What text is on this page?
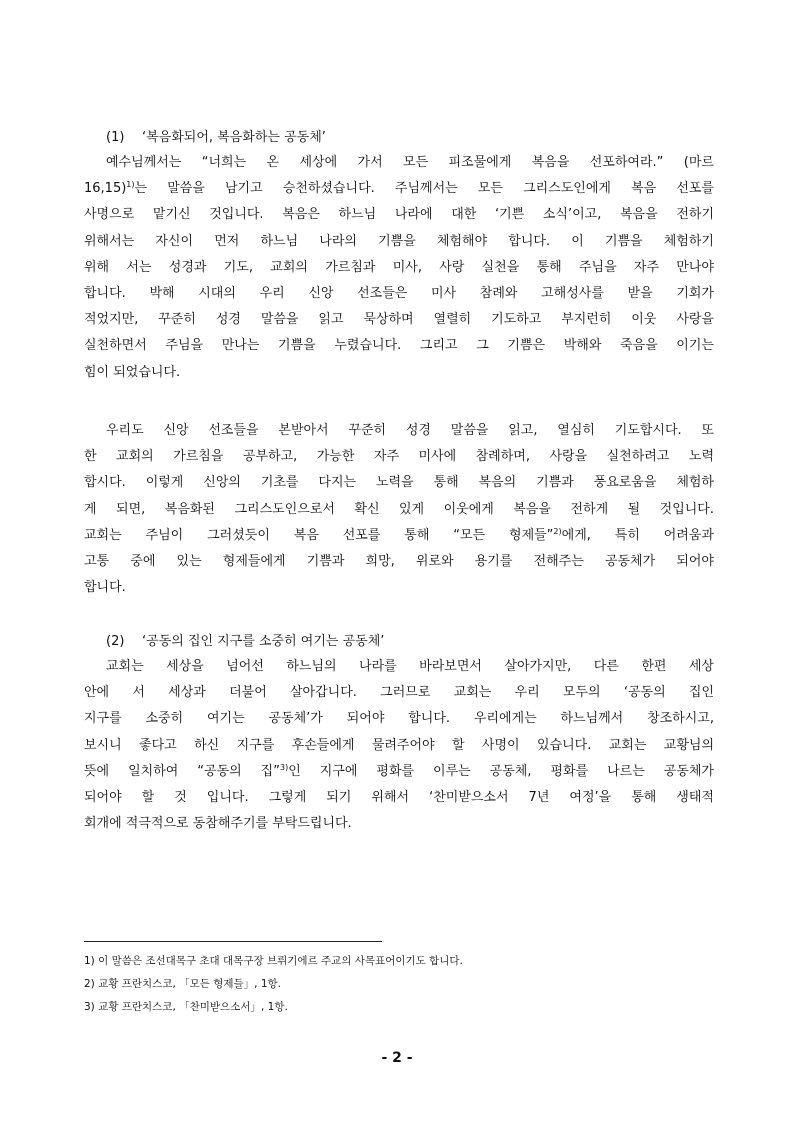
(1) ‘복음화되어, 복음화하는 공동체’

예수님께서는 “너희는 온 세상에 가서 모든 피조물에게 복음을 선포하여라.” (마르

16,15)$^{1)}$는 말씀을 남기고 승천하셨습니다. 주님께서는 모든 그리스도인에게 복음 선포를

사명으로 맡기신 것입니다. 복음은 하느님 나라에 대한 ‘기쁜 소식’이고, 복음을 전하기

위해서는 자신이 먼저 하느님 나라의 기쁨을 체험해야 합니다. 이 기쁨을 체험하기

위해 서는 성경과 기도, 교회의 가르침과 미사, 사랑 실천을 통해 주님을 자주 만나야

합니다. 박해 시대의 우리 신앙 선조들은 미사 참례와 고해성사를 받을 기회가

적었지만, 꾸준히 성경 말씀을 읽고 묵상하며 열렬히 기도하고 부지런히 이웃 사랑을

실천하면서 주님을 만나는 기쁨을 누렸습니다. 그리고 그 기쁨은 박해와 죽음을 이기는

힘이 되었습니다.

우리도 신앙 선조들을 본받아서 꾸준히 성경 말씀을 읽고, 열심히 기도합시다. 또

한 교회의 가르침을 공부하고, 가능한 자주 미사에 참례하며, 사랑을 실천하려고 노력

합시다. 이렇게 신앙의 기초를 다지는 노력을 통해 복음의 기쁨과 풍요로움을 체험하

게 되면, 복음화된 그리스도인으로서 확신 있게 이웃에게 복음을 전하게 될 것입니다.

교회는 주님이 그러셨듯이 복음 선포를 통해 “모든 형제들”$^{2)}$에게, 특히 어려움과

고통 중에 있는 형제들에게 기쁨과 희망, 위로와 용기를 전해주는 공동체가 되어야

합니다.

(2) ‘공동의 집인 지구를 소중히 여기는 공동체’

교회는 세상을 넘어선 하느님의 나라를 바라보면서 살아가지만, 다른 한편 세상

안에 서 세상과 더불어 살아갑니다. 그러므로 교회는 우리 모두의 ‘공동의 집인

지구를 소중히 여기는 공동체’가 되어야 합니다. 우리에게는 하느님께서 창조하시고,

보시니 좋다고 하신 지구를 후손들에게 물려주어야 할 사명이 있습니다. 교회는 교황님의

뜻에 일치하여 “공동의 집”$^{3)}$인 지구에 평화를 이루는 공동체, 평화를 나르는 공동체가

되어야 할 것 입니다. 그렇게 되기 위해서 ‘찬미받으소서 7년 여정’을 통해 생태적

회개에 적극적으로 동참해주기를 부탁드립니다.

1) 이 말씀은 조선대목구 초대 대목구장 브뤼기에르 주교의 사목표어이기도 합니다.
2) 교황 프란치스코, 「모든 형제들」, 1항.
3) 교황 프란치스코, 「찬미받으소서」, 1항.
- 2 -
